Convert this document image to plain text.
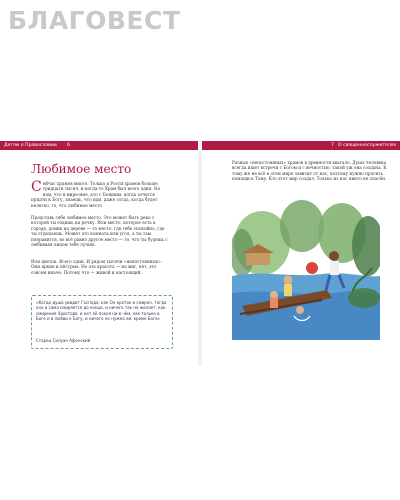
БЛАГОВЕСТ
Детям о Православии 6	7 О священнослужителях
Любимое место
Сейчас храмов много. Только в Росси храмов больше тридцати тысяч, и когда-то Храм был всего один. Но нам, что в мире-мне, кто с Божиим, когда хочется придти к Богу, знаешь, что иди, даже тогда, когда будет нелегко, то, что любимое место
Представь себе любимое место. Это может быть река с которой ты ездишь на речку. Или место, которое есть в городе, домик на дереве — то место, где тебе спокойно, где ты отдыхаешь. Может это комната или угол, а ты там понравится, во всё равно другое место — то, что ты будешь с любимым лицом тебе лучше.
Или цветок. Всего один. И рядом тысячи «непостоянных». Они яркие и пёстрые. Но эта красота — на миг, нет, это совсем иначе. Потому что — живой и настоящий.
«Когда душа увидит Господа, как Он кроток и смирен, тогда она и сама смиряется до конца, и ничего так не желает, как смирения Христова, и нет её покоя ни в чём, как только в Боге и в любви к Богу, и ничего не нужно ей, кроме Бога»
Старец Силуан Афонский
Разных «непостоянных» храмов в древности хватало. Душа человека всегда ищет встречи с Богом и с вечностью, такой уж она создана. К тому же не всё в этом мире зависит от нас, поэтому нужно просить помощи к Тому, Кто этот мир создал. Только из нас никто не спасён.
